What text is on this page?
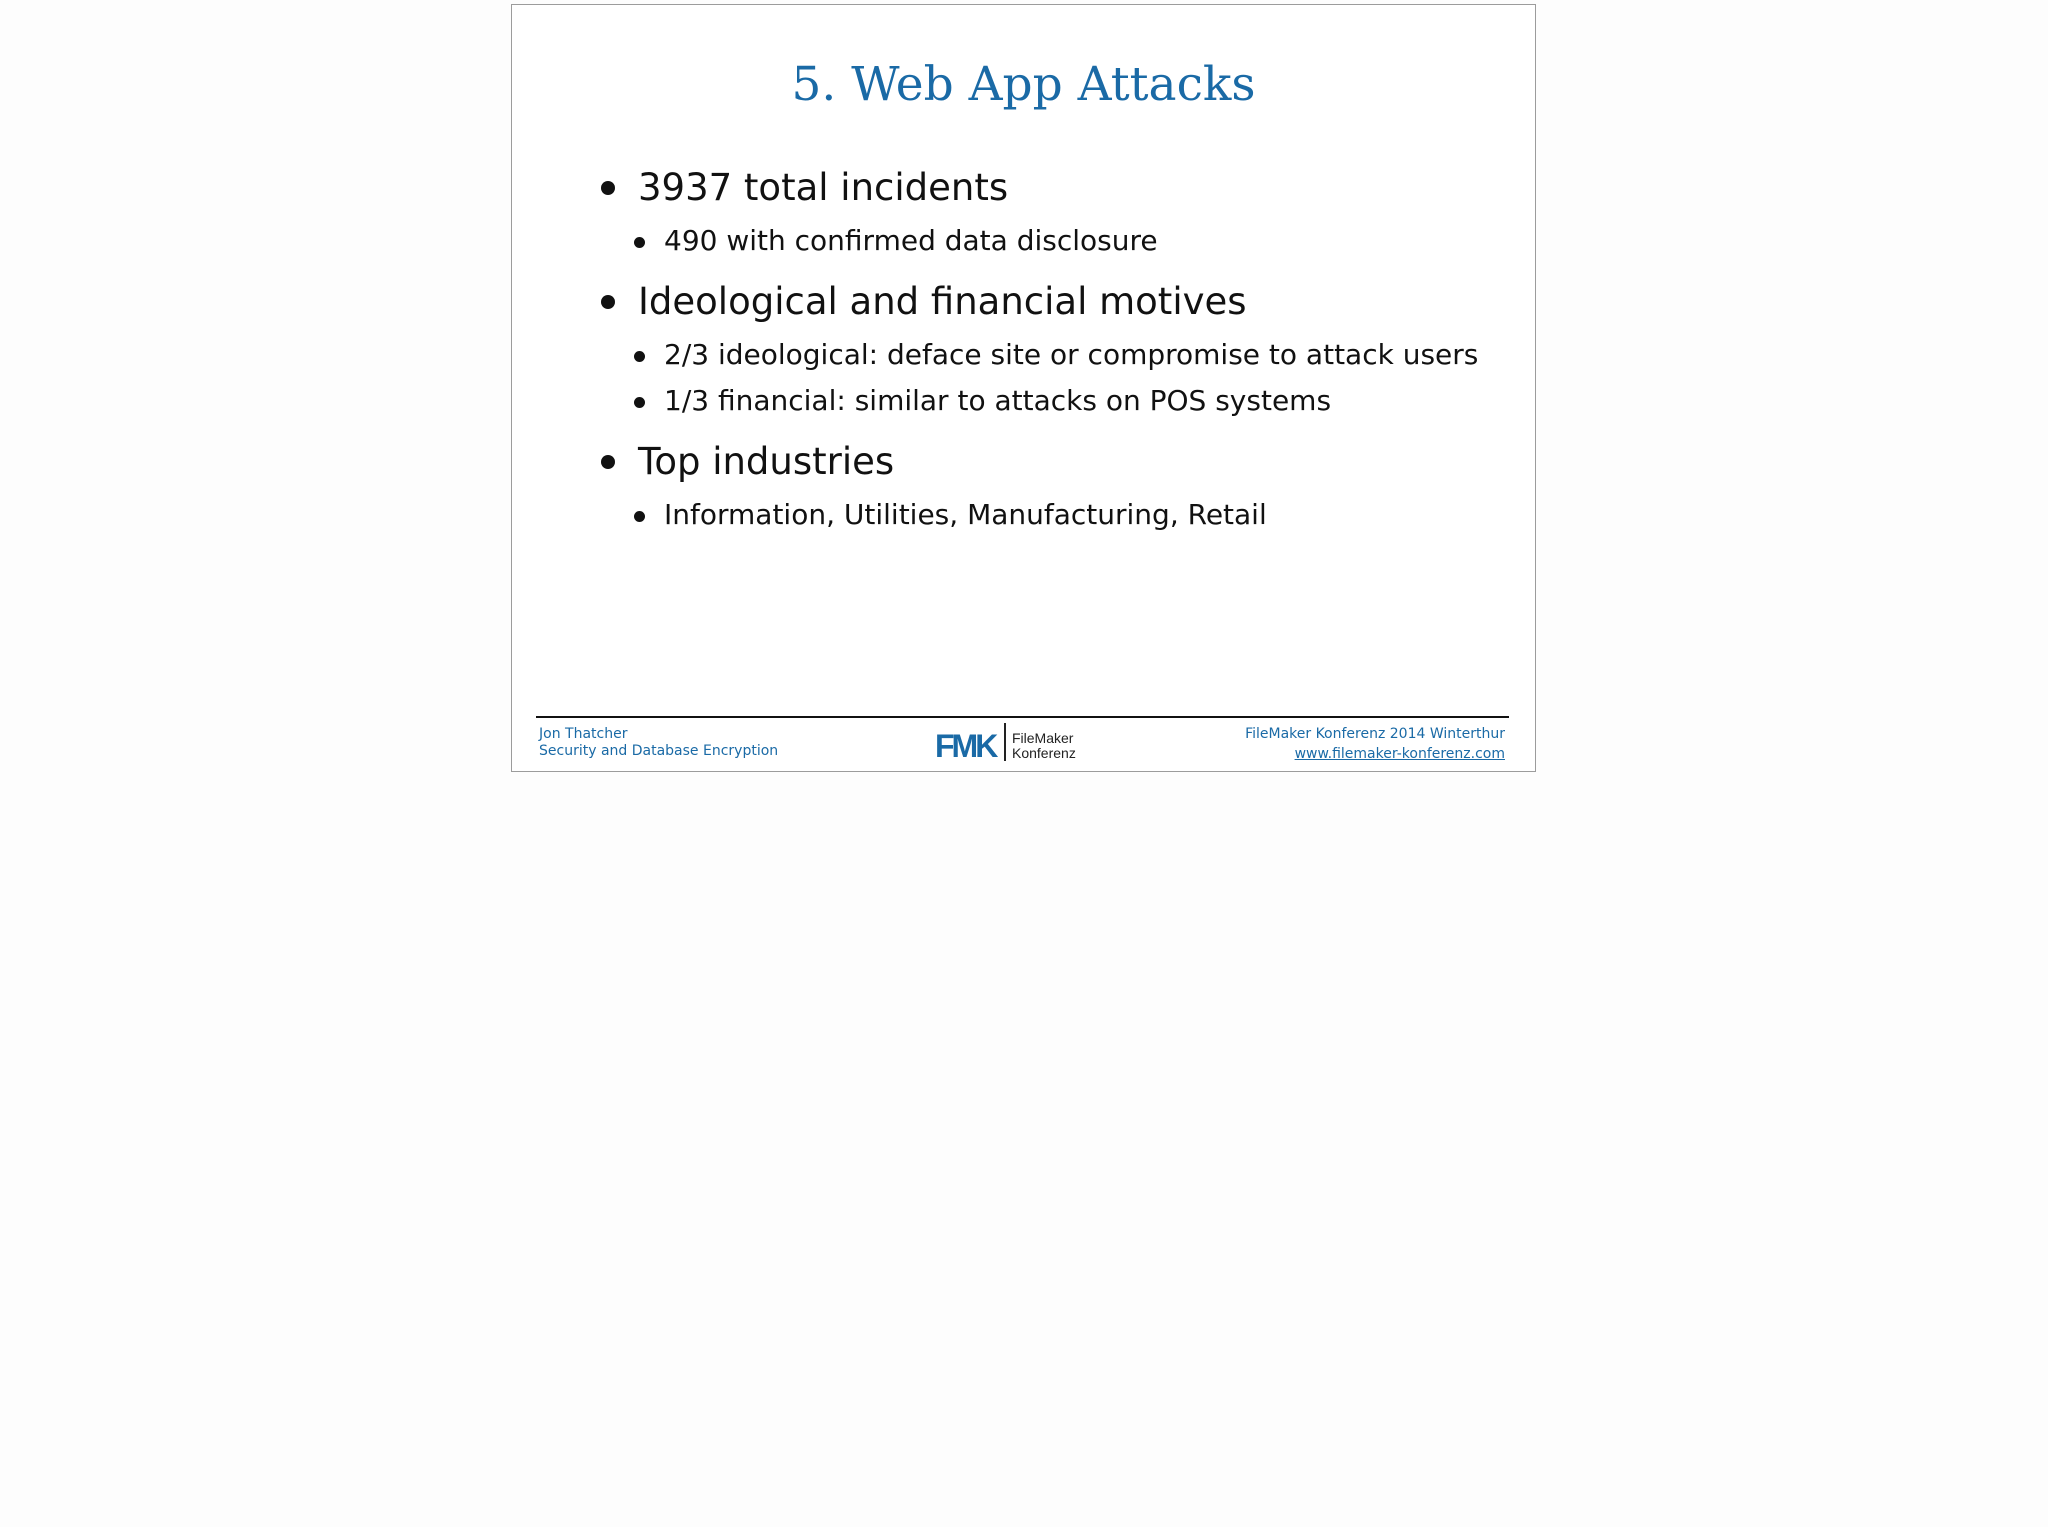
5. Web App Attacks
3937 total incidents
490 with confirmed data disclosure
Ideological and financial motives
2/3 ideological: deface site or compromise to attack users
1/3 financial: similar to attacks on POS systems
Top industries
Information, Utilities, Manufacturing, Retail
Jon Thatcher
Security and Database Encryption	FMK FileMaker
Konferenz
FileMaker Konferenz 2014 Winterthur
www.filemaker-konferenz.com
